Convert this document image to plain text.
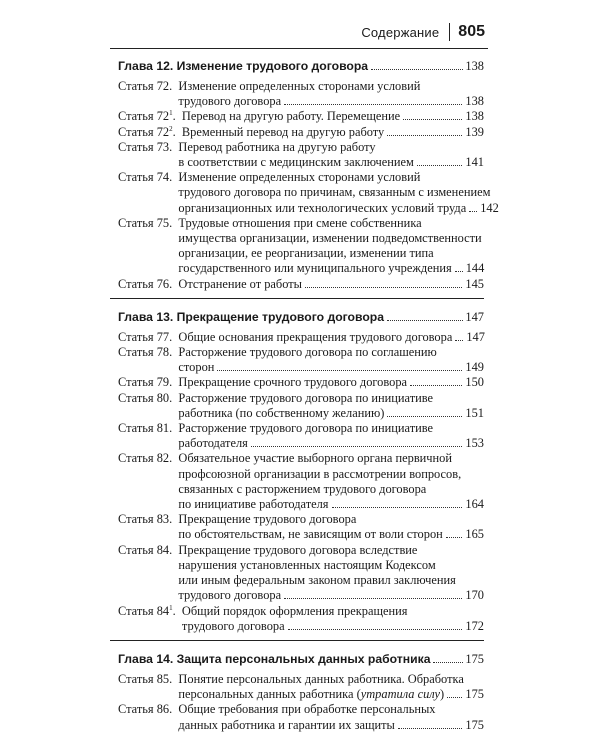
Содержание 805
Глава 12. Изменение трудового договора	138
Статья 72. Изменение определенных сторонами условий
трудового договора	138
Статья $72^1$. Перевод на другую работу. Перемещение	138
Статья $72^2$. Временный перевод на другую работу	139
Статья 73. Перевод работника на другую работу
в соответствии с медицинским заключением	141
Статья 74. Изменение определенных сторонами условий
трудового договора по причинам, связанным с изменением
организационных или технологических условий труда 142
Статья 75. Трудовые отношения при смене собственника
имущества организации, изменении подведомственности
организации, ее реорганизации, изменении типа
государственного или муниципального учреждения 144
Статья 76. Отстранение от работы	145
Глава 13. Прекращение трудового договора	147
Статья 77. Общие основания прекращения трудового договора 147
Статья 78. Расторжение трудового договора по соглашению
сторон	149
Статья 79. Прекращение срочного трудового договора	150
Статья 80. Расторжение трудового договора по инициативе
работника (по собственному желанию)	151
Статья 81. Расторжение трудового договора по инициативе
работодателя	153
Статья 82. Обязательное участие выборного органа первичной
профсоюзной организации в рассмотрении вопросов,
связанных с расторжением трудового договора
по инициативе работодателя	164
Статья 83. Прекращение трудового договора
по обстоятельствам, не зависящим от воли сторон 165
Статья 84. Прекращение трудового договора вследствие
нарушения установленных настоящим Кодексом
или иным федеральным законом правил заключения
трудового договора	170
Статья $84^1$. Общий порядок оформления прекращения
трудового договора	172
Глава 14. Защита персональных данных работника	175
Статья 85. Понятие персональных данных работника. Обработка
персональных данных работника (утратила силу) 175
Статья 86. Общие требования при обработке персональных
данных работника и гарантии их защиты	175
